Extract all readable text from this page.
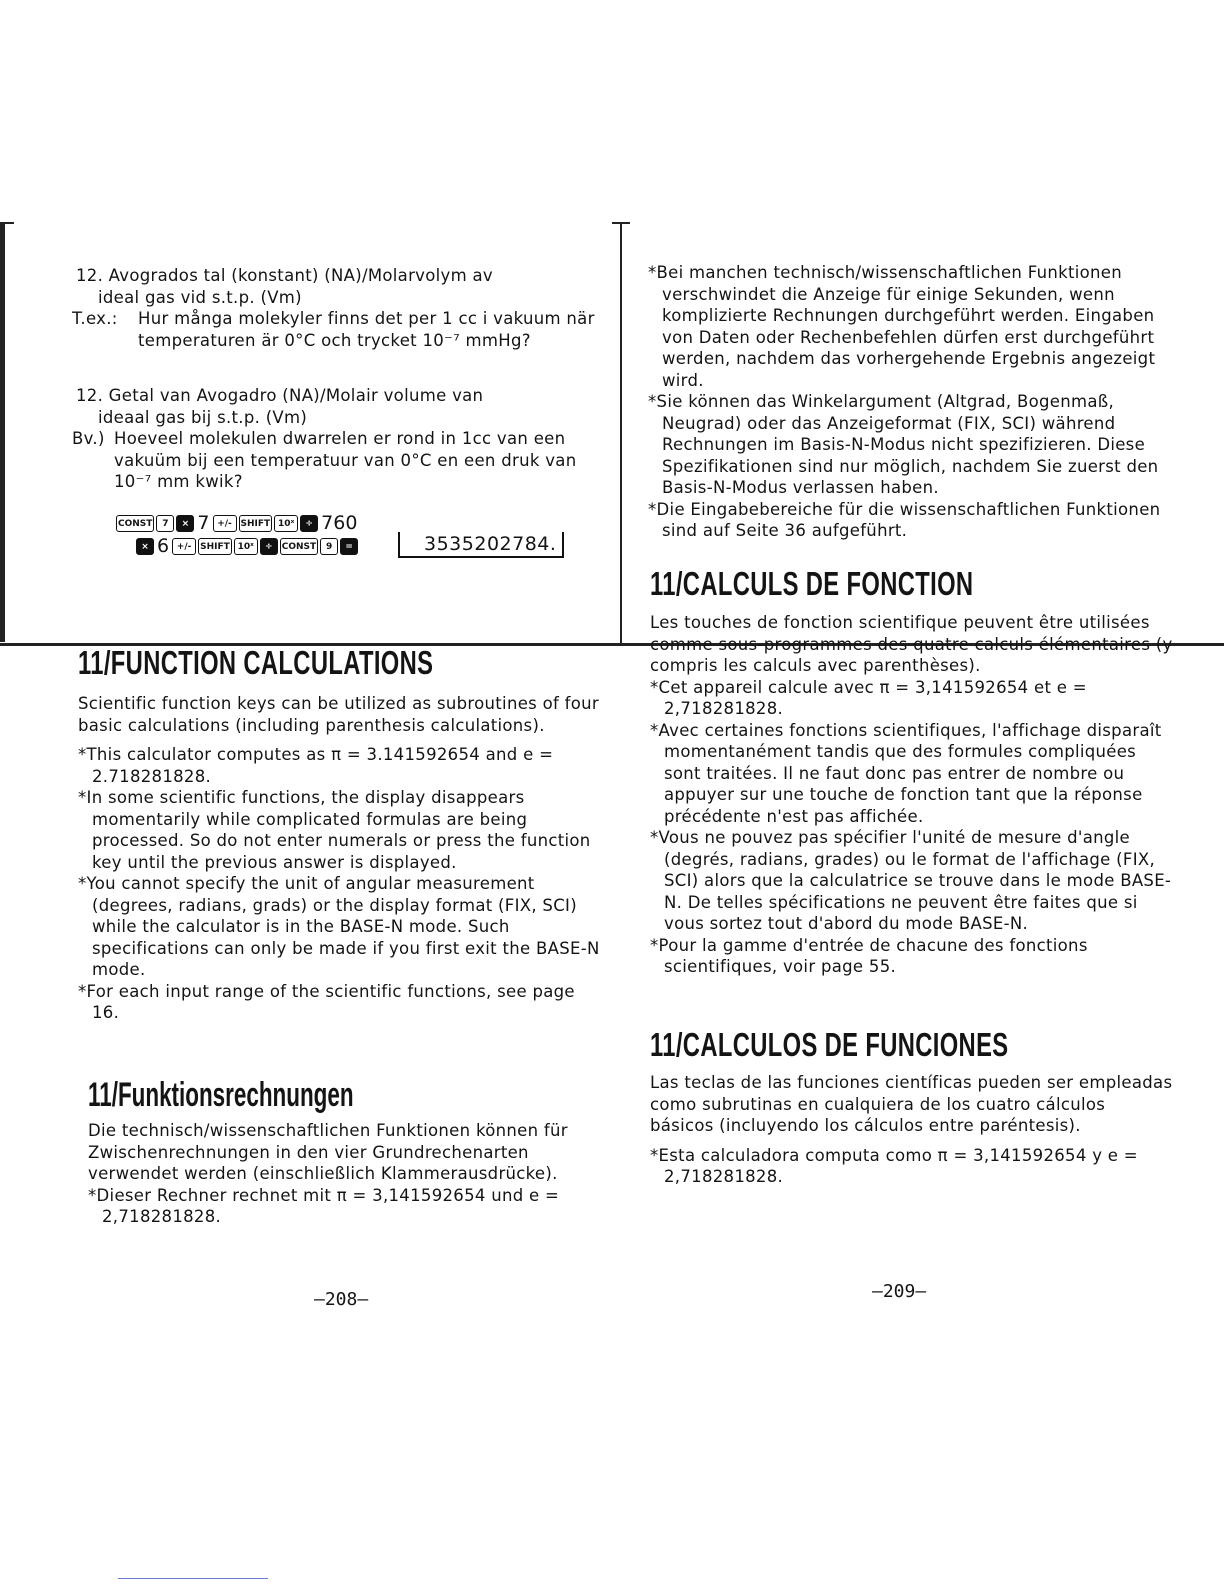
12. Avogrados tal (konstant) (NA)/Molarvolym av

ideal gas vid s.t.p. (Vm)

T.ex.:	Hur många molekyler finns det per 1 cc i vakuum när temperaturen är 0°C och trycket 10⁻⁷ mmHg?

12. Getal van Avogadro (NA)/Molair volume van

ideaal gas bij s.t.p. (Vm)

Bv.) Hoeveel molekulen dwarrelen er rond in 1cc van een vakuüm bij een temperatuur van 0°C en een druk van 10⁻⁷ mm kwik?

CONST	7	× 7 +/- SHIFT 10ˣ	÷ 760
× 6 +/- SHIFT 10ˣ	÷	CONST	9	=	3535202784.
11/FUNCTION CALCULATIONS

Scientific function keys can be utilized as subroutines of four basic calculations (including parenthesis calculations).

*This calculator computes as π = 3.141592654 and e = 2.718281828.

*In some scientific functions, the display disappears momentarily while complicated formulas are being processed. So do not enter numerals or press the function key until the previous answer is displayed.

*You cannot specify the unit of angular measurement (degrees, radians, grads) or the display format (FIX, SCI) while the calculator is in the BASE-N mode. Such specifications can only be made if you first exit the BASE-N mode.

*For each input range of the scientific functions, see page 16.

11/Funktionsrechnungen

Die technisch/wissenschaftlichen Funktionen können für Zwischenrechnungen in den vier Grundrechenarten verwendet werden (einschließlich Klammerausdrücke).

*Dieser Rechner rechnet mit π = 3,141592654 und e = 2,718281828.

–208–

*Bei manchen technisch/wissenschaftlichen Funktionen verschwindet die Anzeige für einige Sekunden, wenn komplizierte Rechnungen durchgeführt werden. Eingaben von Daten oder Rechenbefehlen dürfen erst durchgeführt werden, nachdem das vorhergehende Ergebnis angezeigt wird.

*Sie können das Winkelargument (Altgrad, Bogenmaß, Neugrad) oder das Anzeigeformat (FIX, SCI) während Rechnungen im Basis-N-Modus nicht spezifizieren. Diese Spezifikationen sind nur möglich, nachdem Sie zuerst den Basis-N-Modus verlassen haben.

*Die Eingabebereiche für die wissenschaftlichen Funktionen sind auf Seite 36 aufgeführt.

11/CALCULS DE FONCTION

Les touches de fonction scientifique peuvent être utilisées comme sous-programmes des quatre calculs élémentaires (y compris les calculs avec parenthèses).

*Cet appareil calcule avec π = 3,141592654 et e = 2,718281828.

*Avec certaines fonctions scientifiques, l'affichage disparaît momentanément tandis que des formules compliquées sont traitées. Il ne faut donc pas entrer de nombre ou appuyer sur une touche de fonction tant que la réponse précédente n'est pas affichée.

*Vous ne pouvez pas spécifier l'unité de mesure d'angle (degrés, radians, grades) ou le format de l'affichage (FIX, SCI) alors que la calculatrice se trouve dans le mode BASE-N. De telles spécifications ne peuvent être faites que si vous sortez tout d'abord du mode BASE-N.

*Pour la gamme d'entrée de chacune des fonctions scientifiques, voir page 55.

11/CALCULOS DE FUNCIONES

Las teclas de las funciones científicas pueden ser empleadas como subrutinas en cualquiera de los cuatro cálculos básicos (incluyendo los cálculos entre paréntesis).

*Esta calculadora computa como π = 3,141592654 y e = 2,718281828.

–209–
